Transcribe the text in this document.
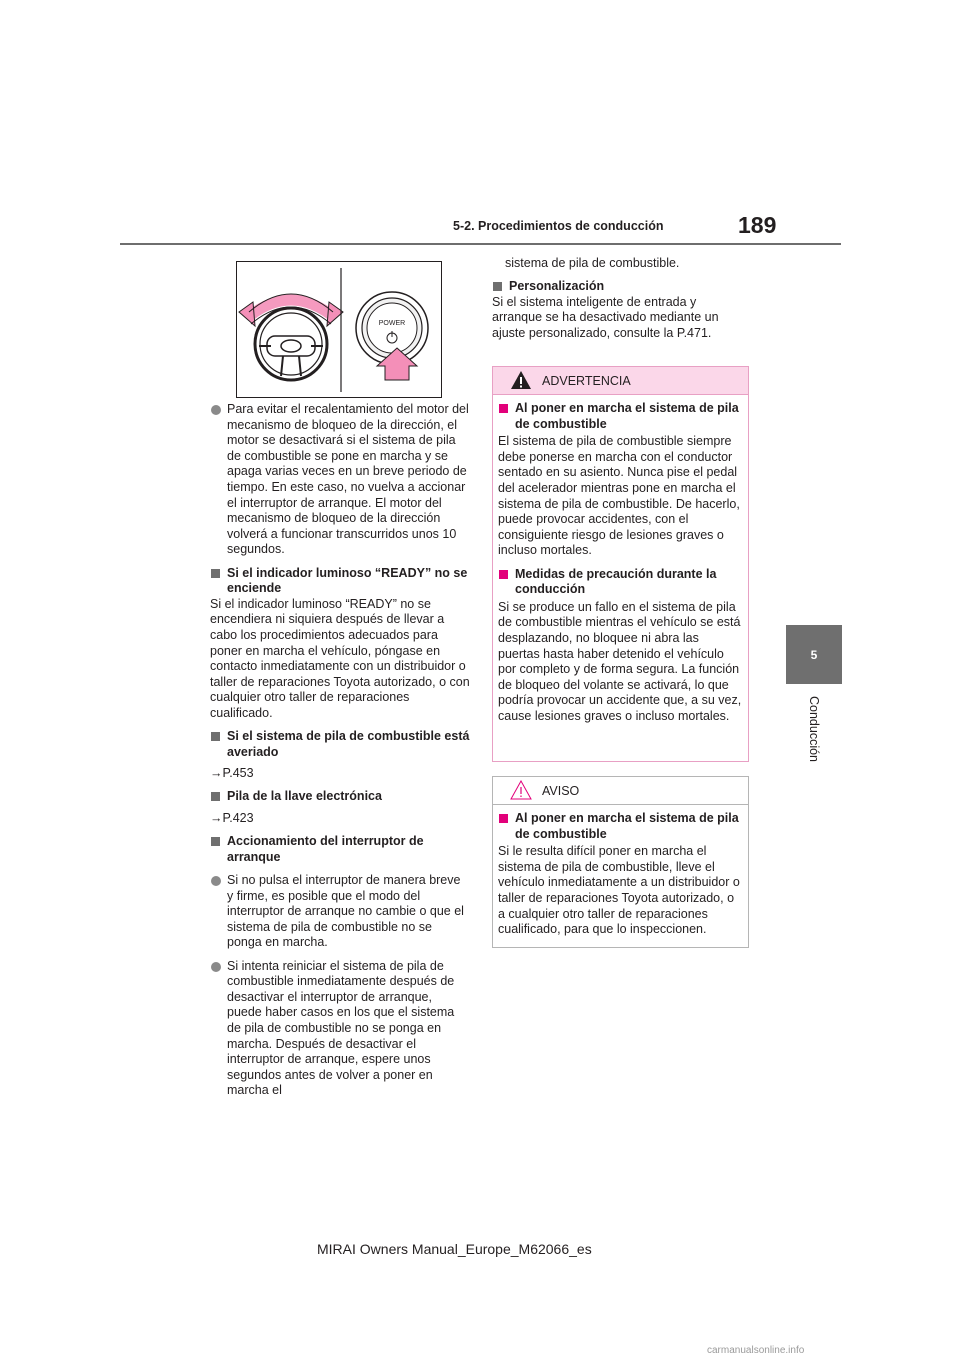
5-2. Procedimientos de conducción	189
5
Conducción
POWER

Para evitar el recalentamiento del motor del mecanismo de bloqueo de la dirección, el motor se desactivará si el sistema de pila de combustible se pone en marcha y se apaga varias veces en un breve periodo de tiempo. En este caso, no vuelva a accionar el interruptor de arranque. El motor del mecanismo de bloqueo de la dirección volverá a funcionar transcurridos unos 10 segundos.

Si el indicador luminoso “READY” no se enciende

Si el indicador luminoso “READY” no se encendiera ni siquiera después de llevar a cabo los procedimientos adecuados para poner en marcha el vehículo, póngase en contacto inmediatamente con un distribuidor o taller de reparaciones Toyota autorizado, o con cualquier otro taller de reparaciones cualificado.

Si el sistema de pila de combustible está averiado

→P.453

Pila de la llave electrónica

→P.423

Accionamiento del interruptor de arranque

Si no pulsa el interruptor de manera breve y firme, es posible que el modo del interruptor de arranque no cambie o que el sistema de pila de combustible no se ponga en marcha.

Si intenta reiniciar el sistema de pila de combustible inmediatamente después de desactivar el interruptor de arranque, puede haber casos en los que el sistema de pila de combustible no se ponga en marcha. Después de desactivar el interruptor de arranque, espere unos segundos antes de volver a poner en marcha el

sistema de pila de combustible.

Personalización

Si el sistema inteligente de entrada y arranque se ha desactivado mediante un ajuste personalizado, consulte la P.471.

ADVERTENCIA

Al poner en marcha el sistema de pila de combustible

El sistema de pila de combustible siempre debe ponerse en marcha con el conductor sentado en su asiento. Nunca pise el pedal del acelerador mientras pone en marcha el sistema de pila de combustible. De hacerlo, puede provocar accidentes, con el consiguiente riesgo de lesiones graves o incluso mortales.

Medidas de precaución durante la conducción

Si se produce un fallo en el sistema de pila de combustible mientras el vehículo se está desplazando, no bloquee ni abra las puertas hasta haber detenido el vehículo por completo y de forma segura. La función de bloqueo del volante se activará, lo que podría provocar un accidente que, a su vez, cause lesiones graves o incluso mortales.

AVISO

Al poner en marcha el sistema de pila de combustible

Si le resulta difícil poner en marcha el sistema de pila de combustible, lleve el vehículo inmediatamente a un distribuidor o taller de reparaciones Toyota autorizado, o a cualquier otro taller de reparaciones cualificado, para que lo inspeccionen.

MIRAI Owners Manual_Europe_M62066_es
carmanualsonline.info
